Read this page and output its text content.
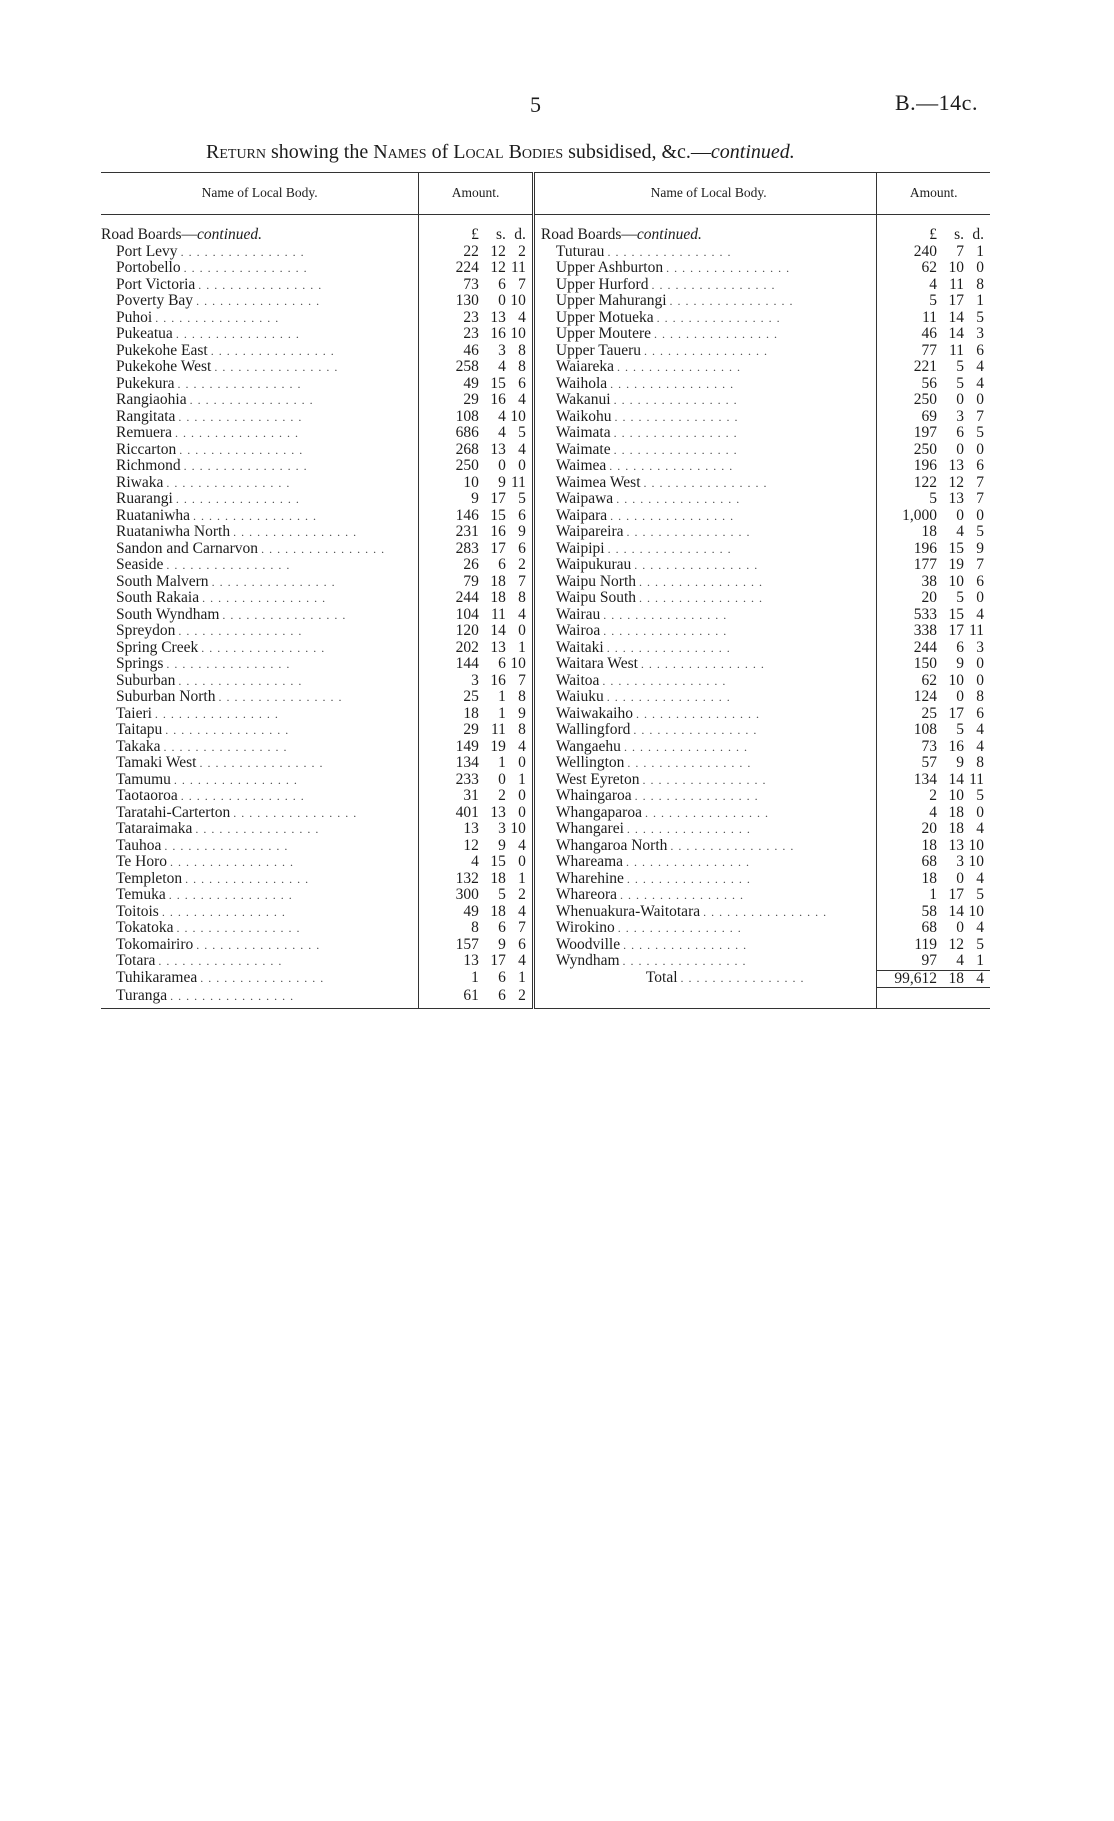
5	B.—14c.
Return showing the Names of Local Bodies subsidised, &c.—continued.
Name of Local Body.	Amount.	Name of Local Body.	Amount.

Road Boards—continued.	£ s. d.	Road Boards—continued.	£ s. d.

Port Levy . . . . . . . . . . . . . . . .	22 12 2	Tuturau . . . . . . . . . . . . . . . .	240 7 1

Portobello . . . . . . . . . . . . . . . .	224 12 11	Upper Ashburton . . . . . . . . . . . . . . . .	62 10 0

Port Victoria . . . . . . . . . . . . . . . .	73 6 7	Upper Hurford . . . . . . . . . . . . . . . .	4 11 8

Poverty Bay . . . . . . . . . . . . . . . .	130 0 10	Upper Mahurangi . . . . . . . . . . . . . . . .	5 17 1

Puhoi . . . . . . . . . . . . . . . .	23 13 4	Upper Motueka . . . . . . . . . . . . . . . .	11 14 5

Pukeatua . . . . . . . . . . . . . . . .	23 16 10	Upper Moutere . . . . . . . . . . . . . . . .	46 14 3

Pukekohe East . . . . . . . . . . . . . . . .	46 3 8	Upper Taueru . . . . . . . . . . . . . . . .	77 11 6

Pukekohe West . . . . . . . . . . . . . . . .	258 4 8	Waiareka . . . . . . . . . . . . . . . .	221 5 4

Pukekura . . . . . . . . . . . . . . . .	49 15 6	Waihola . . . . . . . . . . . . . . . .	56 5 4

Rangiaohia . . . . . . . . . . . . . . . .	29 16 4	Wakanui . . . . . . . . . . . . . . . .	250 0 0

Rangitata . . . . . . . . . . . . . . . .	108 4 10	Waikohu . . . . . . . . . . . . . . . .	69 3 7

Remuera . . . . . . . . . . . . . . . .	686 4 5	Waimata . . . . . . . . . . . . . . . .	197 6 5

Riccarton . . . . . . . . . . . . . . . .	268 13 4	Waimate . . . . . . . . . . . . . . . .	250 0 0

Richmond . . . . . . . . . . . . . . . .	250 0 0	Waimea . . . . . . . . . . . . . . . .	196 13 6

Riwaka . . . . . . . . . . . . . . . .	10 9 11	Waimea West . . . . . . . . . . . . . . . .	122 12 7

Ruarangi . . . . . . . . . . . . . . . .	9 17 5	Waipawa . . . . . . . . . . . . . . . .	5 13 7

Ruataniwha . . . . . . . . . . . . . . . .	146 15 6	Waipara . . . . . . . . . . . . . . . .	1,000 0 0

Ruataniwha North . . . . . . . . . . . . . . . .	231 16 9	Waipareira . . . . . . . . . . . . . . . .	18 4 5

Sandon and Carnarvon . . . . . . . . . . . . . . . .	283 17 6	Waipipi . . . . . . . . . . . . . . . .	196 15 9

Seaside . . . . . . . . . . . . . . . .	26 6 2	Waipukurau . . . . . . . . . . . . . . . .	177 19 7

South Malvern . . . . . . . . . . . . . . . .	79 18 7	Waipu North . . . . . . . . . . . . . . . .	38 10 6

South Rakaia . . . . . . . . . . . . . . . .	244 18 8	Waipu South . . . . . . . . . . . . . . . .	20 5 0

South Wyndham . . . . . . . . . . . . . . . .	104 11 4	Wairau . . . . . . . . . . . . . . . .	533 15 4

Spreydon . . . . . . . . . . . . . . . .	120 14 0	Wairoa . . . . . . . . . . . . . . . .	338 17 11

Spring Creek . . . . . . . . . . . . . . . .	202 13 1	Waitaki . . . . . . . . . . . . . . . .	244 6 3

Springs . . . . . . . . . . . . . . . .	144 6 10	Waitara West . . . . . . . . . . . . . . . .	150 9 0

Suburban . . . . . . . . . . . . . . . .	3 16 7	Waitoa . . . . . . . . . . . . . . . .	62 10 0

Suburban North . . . . . . . . . . . . . . . .	25 1 8	Waiuku . . . . . . . . . . . . . . . .	124 0 8

Taieri . . . . . . . . . . . . . . . .	18 1 9	Waiwakaiho . . . . . . . . . . . . . . . .	25 17 6

Taitapu . . . . . . . . . . . . . . . .	29 11 8	Wallingford . . . . . . . . . . . . . . . .	108 5 4

Takaka . . . . . . . . . . . . . . . .	149 19 4	Wangaehu . . . . . . . . . . . . . . . .	73 16 4

Tamaki West . . . . . . . . . . . . . . . .	134 1 0	Wellington . . . . . . . . . . . . . . . .	57 9 8

Tamumu . . . . . . . . . . . . . . . .	233 0 1	West Eyreton . . . . . . . . . . . . . . . .	134 14 11

Taotaoroa . . . . . . . . . . . . . . . .	31 2 0	Whaingaroa . . . . . . . . . . . . . . . .	2 10 5

Taratahi-Carterton . . . . . . . . . . . . . . . .	401 13 0	Whangaparoa . . . . . . . . . . . . . . . .	4 18 0

Tataraimaka . . . . . . . . . . . . . . . .	13 3 10	Whangarei . . . . . . . . . . . . . . . .	20 18 4

Tauhoa . . . . . . . . . . . . . . . .	12 9 4	Whangaroa North . . . . . . . . . . . . . . . .	18 13 10

Te Horo . . . . . . . . . . . . . . . .	4 15 0	Whareama . . . . . . . . . . . . . . . .	68 3 10

Templeton . . . . . . . . . . . . . . . .	132 18 1	Wharehine . . . . . . . . . . . . . . . .	18 0 4

Temuka . . . . . . . . . . . . . . . .	300 5 2	Whareora . . . . . . . . . . . . . . . .	1 17 5

Toitois . . . . . . . . . . . . . . . .	49 18 4	Whenuakura-Waitotara . . . . . . . . . . . . . . . .	58 14 10

Tokatoka . . . . . . . . . . . . . . . .	8 6 7	Wirokino . . . . . . . . . . . . . . . .	68 0 4

Tokomairiro . . . . . . . . . . . . . . . .	157 9 6	Woodville . . . . . . . . . . . . . . . .	119 12 5

Totara . . . . . . . . . . . . . . . .	13 17 4	Wyndham . . . . . . . . . . . . . . . .	97 4 1

Tuhikaramea . . . . . . . . . . . . . . . .	1 6 1	Total . . . . . . . . . . . . . . . .	99,612 18 4

Turanga . . . . . . . . . . . . . . . .	61 6 2		
